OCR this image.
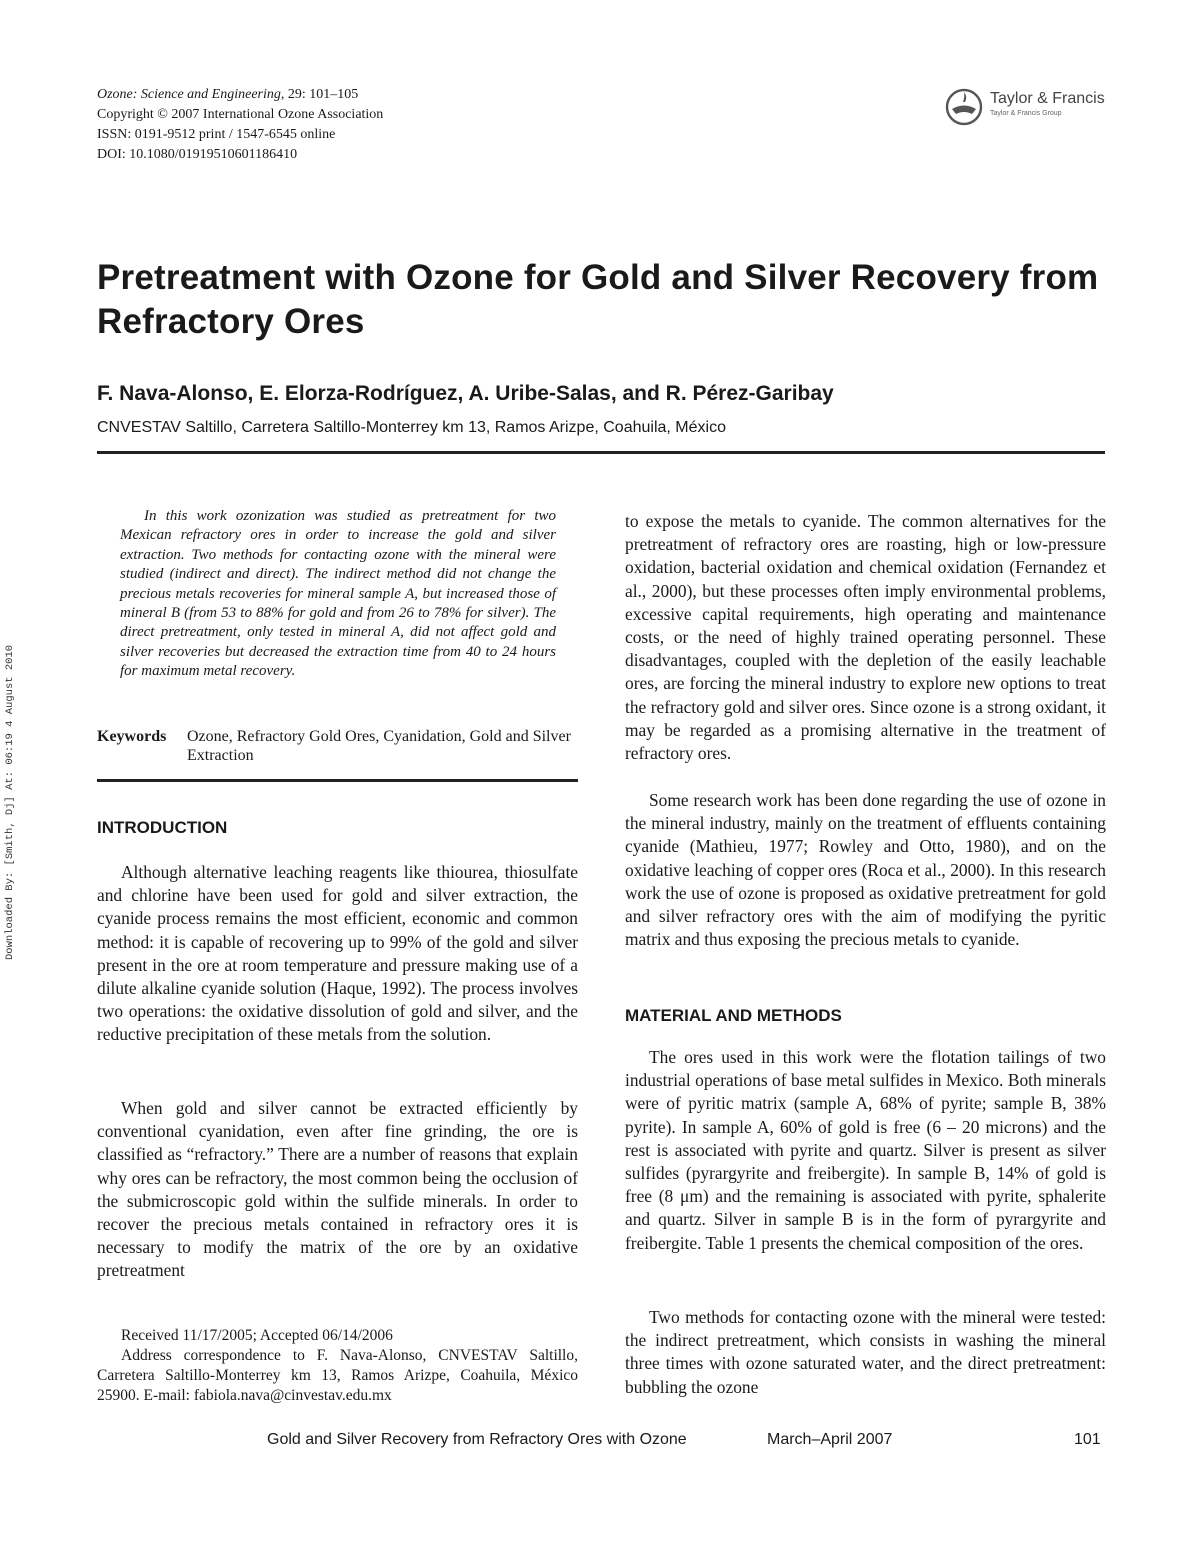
Ozone: Science and Engineering, 29: 101–105
Copyright © 2007 International Ozone Association
ISSN: 0191-9512 print / 1547-6545 online
DOI: 10.1080/01919510601186410
Taylor & Francis
Taylor & Francis Group
Pretreatment with Ozone for Gold and Silver Recovery from Refractory Ores
F. Nava-Alonso, E. Elorza-Rodríguez, A. Uribe-Salas, and R. Pérez-Garibay
CNVESTAV Saltillo, Carretera Saltillo-Monterrey km 13, Ramos Arizpe, Coahuila, México

In this work ozonization was studied as pretreatment for two Mexican refractory ores in order to increase the gold and silver extraction. Two methods for contacting ozone with the mineral were studied (indirect and direct). The indirect method did not change the precious metals recoveries for mineral sample A, but increased those of mineral B (from 53 to 88% for gold and from 26 to 78% for silver). The direct pretreatment, only tested in mineral A, did not affect gold and silver recoveries but decreased the extraction time from 40 to 24 hours for maximum metal recovery.

Keywords Ozone, Refractory Gold Ores, Cyanidation, Gold and Silver Extraction
INTRODUCTION

Although alternative leaching reagents like thiourea, thiosulfate and chlorine have been used for gold and silver extraction, the cyanide process remains the most efficient, economic and common method: it is capable of recovering up to 99% of the gold and silver present in the ore at room temperature and pressure making use of a dilute alkaline cyanide solution (Haque, 1992). The process involves two operations: the oxidative dissolution of gold and silver, and the reductive precipitation of these metals from the solution.

When gold and silver cannot be extracted efficiently by conventional cyanidation, even after fine grinding, the ore is classified as “refractory.” There are a number of reasons that explain why ores can be refractory, the most common being the occlusion of the submicroscopic gold within the sulfide minerals. In order to recover the precious metals contained in refractory ores it is necessary to modify the matrix of the ore by an oxidative pretreatment

to expose the metals to cyanide. The common alternatives for the pretreatment of refractory ores are roasting, high or low-pressure oxidation, bacterial oxidation and chemical oxidation (Fernandez et al., 2000), but these processes often imply environmental problems, excessive capital requirements, high operating and maintenance costs, or the need of highly trained operating personnel. These disadvantages, coupled with the depletion of the easily leachable ores, are forcing the mineral industry to explore new options to treat the refractory gold and silver ores. Since ozone is a strong oxidant, it may be regarded as a promising alternative in the treatment of refractory ores.

Some research work has been done regarding the use of ozone in the mineral industry, mainly on the treatment of effluents containing cyanide (Mathieu, 1977; Rowley and Otto, 1980), and on the oxidative leaching of copper ores (Roca et al., 2000). In this research work the use of ozone is proposed as oxidative pretreatment for gold and silver refractory ores with the aim of modifying the pyritic matrix and thus exposing the precious metals to cyanide.

MATERIAL AND METHODS

The ores used in this work were the flotation tailings of two industrial operations of base metal sulfides in Mexico. Both minerals were of pyritic matrix (sample A, 68% of pyrite; sample B, 38% pyrite). In sample A, 60% of gold is free (6 – 20 microns) and the rest is associated with pyrite and quartz. Silver is present as silver sulfides (pyrargyrite and freibergite). In sample B, 14% of gold is free (8 μm) and the remaining is associated with pyrite, sphalerite and quartz. Silver in sample B is in the form of pyrargyrite and freibergite. Table 1 presents the chemical composition of the ores.

Two methods for contacting ozone with the mineral were tested: the indirect pretreatment, which consists in washing the mineral three times with ozone saturated water, and the direct pretreatment: bubbling the ozone

Received 11/17/2005; Accepted 06/14/2006

Address correspondence to F. Nava-Alonso, CNVESTAV Saltillo, Carretera Saltillo-Monterrey km 13, Ramos Arizpe, Coahuila, México 25900. E-mail: fabiola.nava@cinvestav.edu.mx

Gold and Silver Recovery from Refractory Ores with Ozone	March–April 2007	101
Downloaded By: [Smith, Dj] At: 06:19 4 August 2010
